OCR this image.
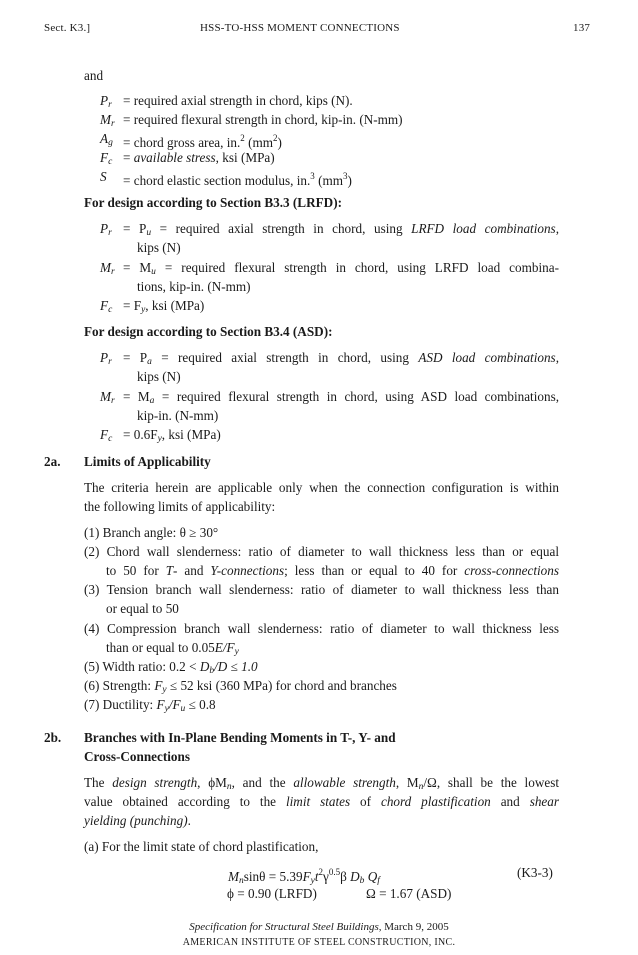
Sect. K3.]	HSS-TO-HSS MOMENT CONNECTIONS	137
and
$P_r$ = required axial strength in chord, kips (N).
$M_r$ = required flexural strength in chord, kip-in. (N-mm)
$A_g$ = chord gross area, in.$^2$ $(mm^2)$
$F_c$ = available stress, ksi (MPa)
S = chord elastic section modulus, in.$^3$ $(mm^3)$
For design according to Section B3.3 (LRFD):
$P_r = P_u$ = required axial strength in chord, using LRFD load combinations,
kips (N)
$M_r = M_u$ = required flexural strength in chord, using LRFD load combina-
tions, kip-in. (N-mm)
$F_c = F_y$, ksi (MPa)
For design according to Section B3.4 (ASD):
$P_r = P_a$ = required axial strength in chord, using ASD load combinations,
kips (N)
$M_r = M_a$ = required flexural strength in chord, using ASD load combinations,
kip-in. (N-mm)
$F_c = 0.6F_y$, ksi (MPa)
2a. Limits of Applicability
The criteria herein are applicable only when the connection configuration is within
the following limits of applicability:
(1) Branch angle: θ ≥ 30°
(2) Chord wall slenderness: ratio of diameter to wall thickness less than or equal
to 50 for T- and Y-connections; less than or equal to 40 for cross-connections
(3) Tension branch wall slenderness: ratio of diameter to wall thickness less than
or equal to 50
(4) Compression branch wall slenderness: ratio of diameter to wall thickness less
than or equal to $0.05E/F_y$
(5) Width ratio: $0.2 < D_b/D \le 1.0$
(6) Strength: $F_y \le 52$ ksi (360 MPa) for chord and branches
(7) Ductility: $F_y/F_u \le 0.8$
2b. Branches with In-Plane Bending Moments in T-, Y- and
Cross-Connections
The design strength, $\phi M_n$, and the allowable strength, $M_n/\Omega$, shall be the lowest
value obtained according to the limit states of chord plastification and shear
yielding (punching).
(a) For the limit state of chord plastification,
$M_n\sin\theta = 5.39F_yt^2\gamma^{0.5}\beta$ $D_b$ $Q_f$
(K3-3)
ϕ = 0.90 (LRFD)	Ω = 1.67 (ASD)
Specification for Structural Steel Buildings, March 9, 2005
AMERICAN INSTITUTE OF STEEL CONSTRUCTION, INC.
